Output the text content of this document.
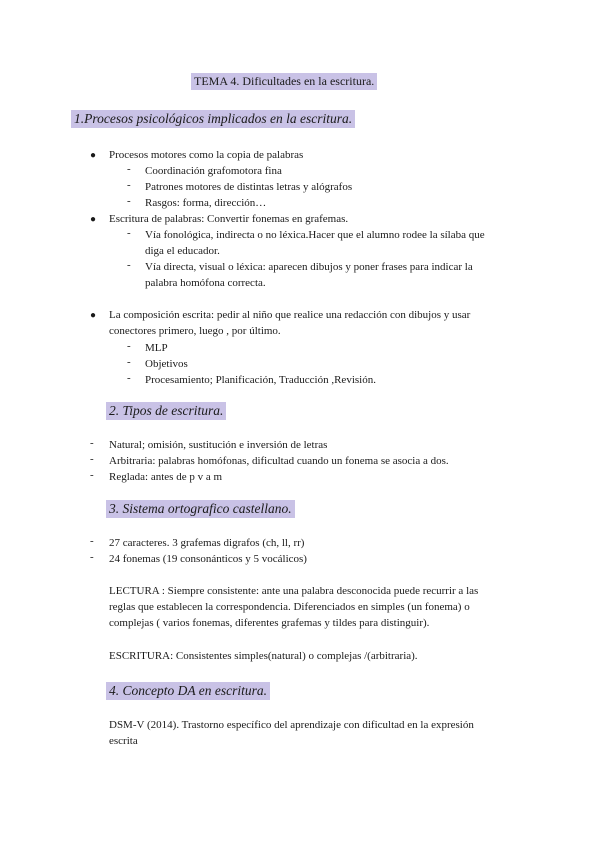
TEMA 4. Dificultades en la escritura.
1.Procesos psicológicos implicados en la escritura.
● Procesos motores como la copia de palabras
- Coordinación grafomotora fina
- Patrones motores de distintas letras y alógrafos
- Rasgos: forma, dirección…
● Escritura de palabras: Convertir fonemas en grafemas.
- Vía fonológica, indirecta o no léxica.Hacer que el alumno rodee la sílaba que
diga el educador.
- Vía directa, visual o léxica: aparecen dibujos y poner frases para indicar la
palabra homófona correcta.
● La composición escrita: pedir al niño que realice una redacción con dibujos y usar
conectores primero, luego , por último.
- MLP
- Objetivos
- Procesamiento; Planificación, Traducción ,Revisión.
2. Tipos de escritura.
- Natural; omisión, sustitución e inversión de letras
- Arbitraria: palabras homófonas, dificultad cuando un fonema se asocia a dos.
- Reglada: antes de p v a m
3. Sistema ortografico castellano.
- 27 caracteres. 3 grafemas digrafos (ch, ll, rr)
- 24 fonemas (19 consonánticos y 5 vocálicos)
LECTURA : Siempre consistente: ante una palabra desconocida puede recurrir a las
reglas que establecen la correspondencia. Diferenciados en simples (un fonema) o
complejas ( varios fonemas, diferentes grafemas y tildes para distinguir).
ESCRITURA: Consistentes simples(natural) o complejas /(arbitraria).
4. Concepto DA en escritura.
DSM-V (2014). Trastorno específico del aprendizaje con dificultad en la expresión
escrita
